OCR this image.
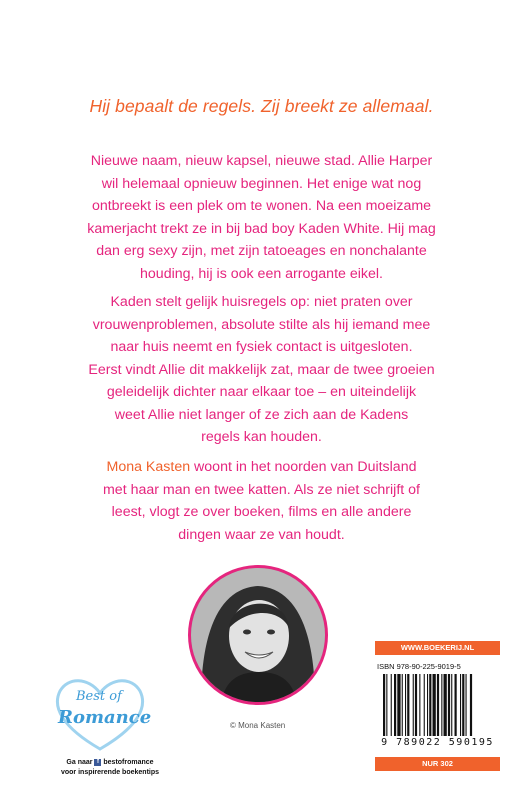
Hij bepaalt de regels. Zij breekt ze allemaal.

Nieuwe naam, nieuw kapsel, nieuwe stad. Allie Harper

wil helemaal opnieuw beginnen. Het enige wat nog

ontbreekt is een plek om te wonen. Na een moeizame

kamerjacht trekt ze in bij bad boy Kaden White. Hij mag

dan erg sexy zijn, met zijn tatoeages en nonchalante

houding, hij is ook een arrogante eikel.

Kaden stelt gelijk huisregels op: niet praten over

vrouwenproblemen, absolute stilte als hij iemand mee

naar huis neemt en fysiek contact is uitgesloten.

Eerst vindt Allie dit makkelijk zat, maar de twee groeien

geleidelijk dichter naar elkaar toe – en uiteindelijk

weet Allie niet langer of ze zich aan de Kadens

regels kan houden.

Mona Kasten woont in het noorden van Duitsland

met haar man en twee katten. Als ze niet schrijft of

leest, vlogt ze over boeken, films en alle andere

dingen waar ze van houdt.

© Mona Kasten
Best of
Romance

Ga naar f bestofromance

voor inspirerende boekentips

WWW.BOEKERIJ.NL
ISBN 978-90-225-9019-5
9 789022 590195
NUR 302
